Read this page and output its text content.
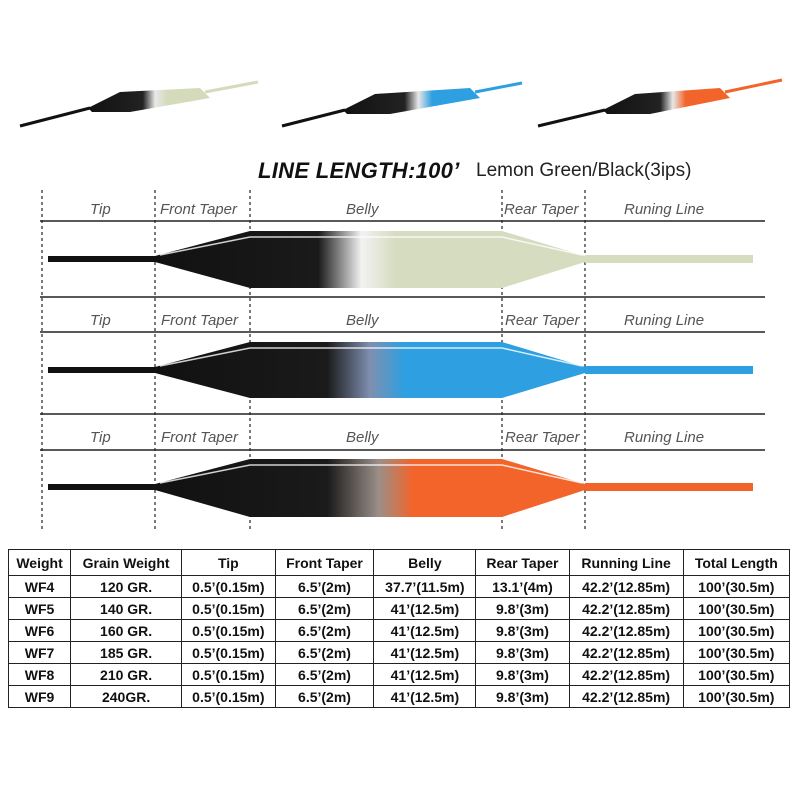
LINE LENGTH:100’ Lemon Green/Black(3ips)
Tip	Front Taper	Belly	Rear Taper	Runing Line
Tip	Front Taper	Belly	Rear Taper	Runing Line
Tip	Front Taper	Belly	Rear Taper	Runing Line
Weight	Grain Weight	Tip	Front Taper	Belly	Rear Taper	Running Line	Total Length
WF4	120 GR.	0.5’(0.15m)	6.5’(2m)	37.7’(11.5m)	13.1’(4m)	42.2’(12.85m)	100’(30.5m)
WF5	140 GR.	0.5’(0.15m)	6.5’(2m)	41’(12.5m)	9.8’(3m)	42.2’(12.85m)	100’(30.5m)
WF6	160 GR.	0.5’(0.15m)	6.5’(2m)	41’(12.5m)	9.8’(3m)	42.2’(12.85m)	100’(30.5m)
WF7	185 GR.	0.5’(0.15m)	6.5’(2m)	41’(12.5m)	9.8’(3m)	42.2’(12.85m)	100’(30.5m)
WF8	210 GR.	0.5’(0.15m)	6.5’(2m)	41’(12.5m)	9.8’(3m)	42.2’(12.85m)	100’(30.5m)
WF9	240GR.	0.5’(0.15m)	6.5’(2m)	41’(12.5m)	9.8’(3m)	42.2’(12.85m)	100’(30.5m)
